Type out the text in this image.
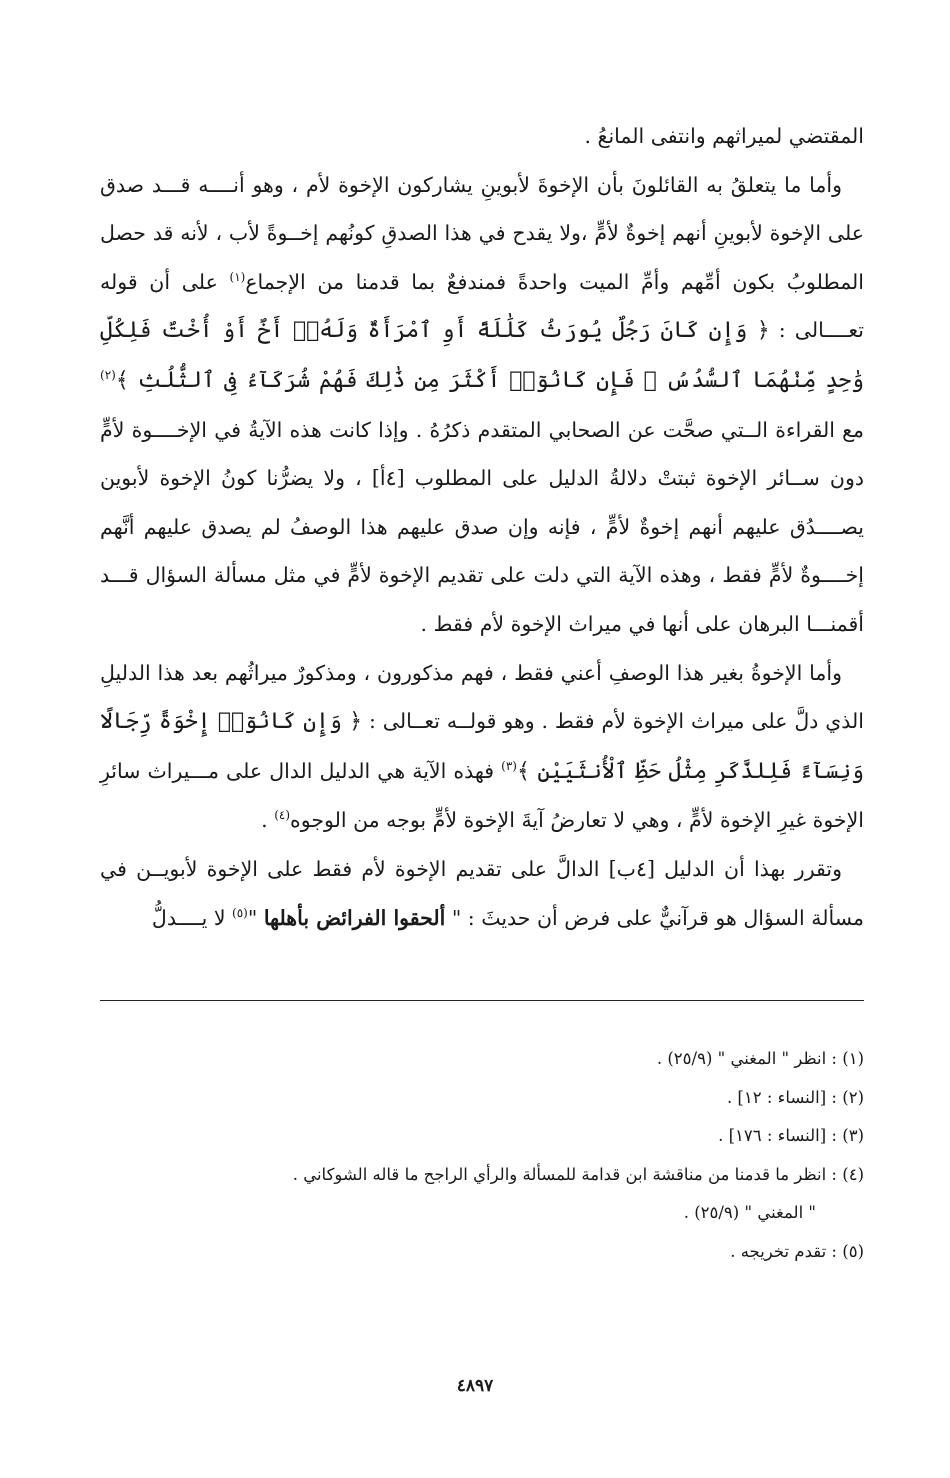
المقتضي لميراثهم وانتفى المانعُ .

وأما ما يتعلقُ به القائلونَ بأن الإخوةَ لأبوينِ يشاركون الإخوة لأم ، وهو أنــــه قـــد صدق على الإخوة لأبوينِ أنهم إخوةٌ لأمٍّ ،ولا يقدح في هذا الصدقِ كونُهم إخــوةً لأب ، لأنه قد حصل المطلوبُ بكون أمِّهم وأمِّ الميت واحدةً فمندفعٌ بما قدمنا من الإجماع$^{(١)}$ على أن قوله تعــــالى : ﴿ وَإِن كَانَ رَجُلٌ يُورَثُ كَلَٰلَةً أَوِ ٱمْرَأَةٌ وَلَهُۥٓ أَخٌ أَوْ أُخْتٌ فَلِكُلِّ وَٰحِدٍ مِّنْهُمَا ٱلسُّدُسُ ۚ فَإِن كَانُوٓا۟ أَكْثَرَ مِن ذَٰلِكَ فَهُمْ شُرَكَآءُ فِى ٱلثُّلُثِ ﴾$^{(٢)}$ مع القراءة الــتي صحَّت عن الصحابي المتقدم ذكرُهُ . وإذا كانت هذه الآيةُ في الإخــــوة لأمٍّ دون ســائر الإخوة ثبتتْ دلالةُ الدليل على المطلوب [٤أ] ، ولا يضرُّنا كونُ الإخوة لأبوين يصــــدُق عليهم أنهم إخوةٌ لأمٍّ ، فإنه وإن صدق عليهم هذا الوصفُ لم يصدق عليهم أنَّهم إخــــوةٌ لأمٍّ فقط ، وهذه الآية التي دلت على تقديم الإخوة لأمٍّ في مثل مسألة السؤال قـــد أقمنـــا البرهان على أنها في ميراث الإخوة لأم فقط .

وأما الإخوةُ بغير هذا الوصفِ أعني فقط ، فهم مذكورون ، ومذكورٌ ميراثُهم بعد هذا الدليلِ الذي دلَّ على ميراث الإخوة لأم فقط . وهو قولــه تعــالى : ﴿ وَإِن كَانُوٓا۟ إِخْوَةً رِّجَالًا وَنِسَآءً فَلِلذَّكَرِ مِثْلُ حَظِّ ٱلْأُنثَيَيْنِ ﴾$^{(٣)}$ فهذه الآية هي الدليل الدال على مـــيراث سائرِ الإخوة غيرِ الإخوة لأمٍّ ، وهي لا تعارضُ آيةَ الإخوة لأمٍّ بوجه من الوجوه$^{(٤)}$ .

وتقرر بهذا أن الدليل [٤ب] الدالَّ على تقديم الإخوة لأم فقط على الإخوة لأبويــن في مسألة السؤال هو قرآنيٌّ على فرض أن حديثَ : " ألحقوا الفرائض بأهلها "$^{(٥)}$ لا يــــدلُّ

(١) : انظر " المغني " (٢٥/٩) .

(٢) : [النساء : ١٢] .

(٣) : [النساء : ١٧٦] .

(٤) : انظر ما قدمنا من مناقشة ابن قدامة للمسألة والرأي الراجح ما قاله الشوكاني .

" المغني " (٢٥/٩) .

(٥) : تقدم تخريجه .

٤٨٩٧
